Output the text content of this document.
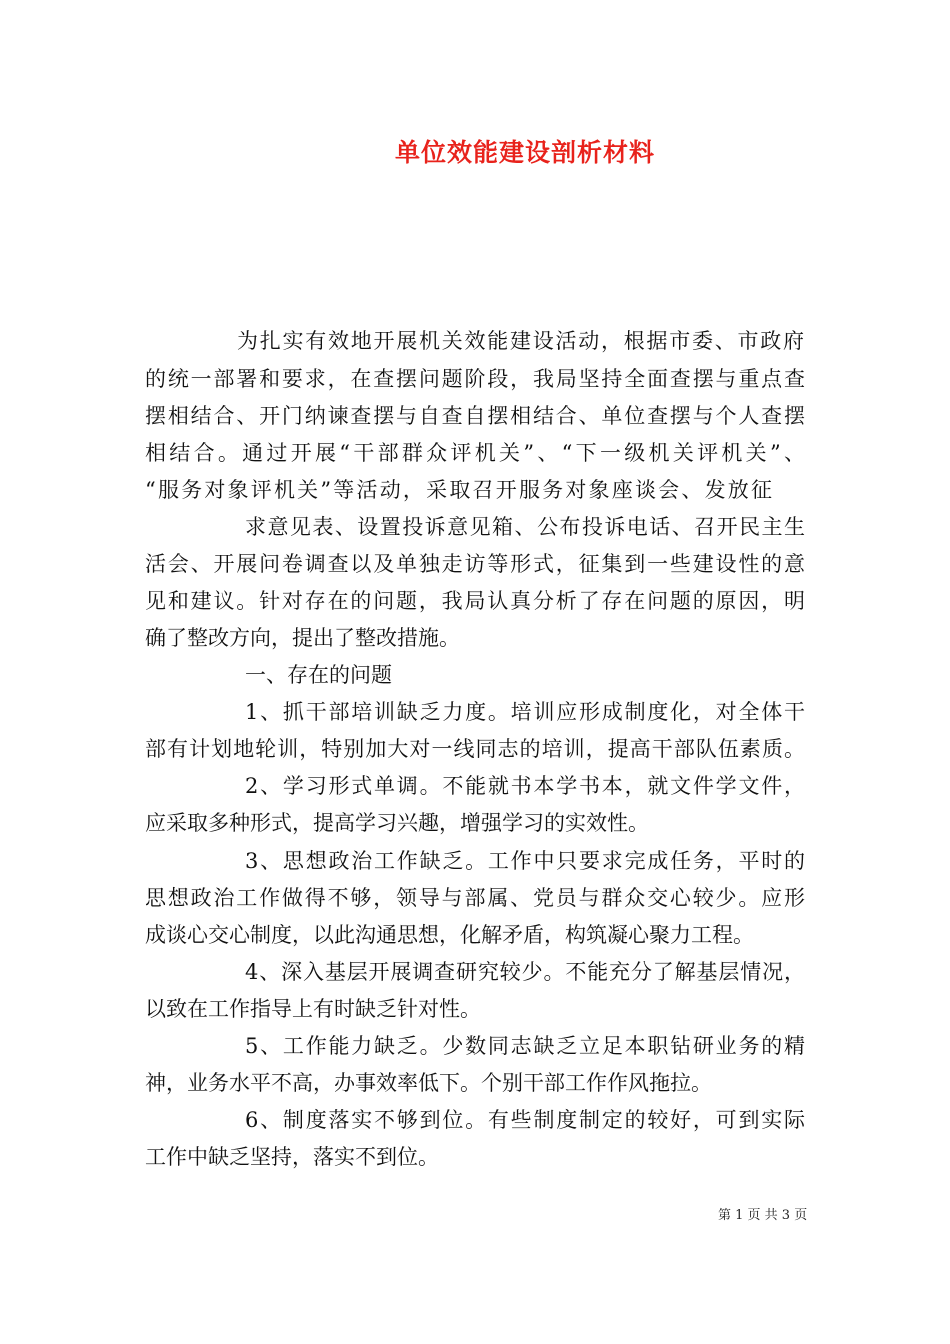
单位效能建设剖析材料
为扎实有效地开展机关效能建设活动，根据市委、市政府
的统一部署和要求，在查摆问题阶段，我局坚持全面查摆与重点查
摆相结合、开门纳谏查摆与自查自摆相结合、单位查摆与个人查摆
相结合。通过开展“干部群众评机关”、“下一级机关评机关”、
“服务对象评机关”等活动，采取召开服务对象座谈会、发放征
求意见表、设置投诉意见箱、公布投诉电话、召开民主生
活会、开展问卷调查以及单独走访等形式，征集到一些建设性的意
见和建议。针对存在的问题，我局认真分析了存在问题的原因，明
确了整改方向，提出了整改措施。
一、存在的问题
1、抓干部培训缺乏力度。培训应形成制度化，对全体干
部有计划地轮训，特别加大对一线同志的培训，提高干部队伍素质。
2、学习形式单调。不能就书本学书本，就文件学文件，
应采取多种形式，提高学习兴趣，增强学习的实效性。
3、思想政治工作缺乏。工作中只要求完成任务，平时的
思想政治工作做得不够，领导与部属、党员与群众交心较少。应形
成谈心交心制度，以此沟通思想，化解矛盾，构筑凝心聚力工程。
4、深入基层开展调查研究较少。不能充分了解基层情况，
以致在工作指导上有时缺乏针对性。
5、工作能力缺乏。少数同志缺乏立足本职钻研业务的精
神，业务水平不高，办事效率低下。个别干部工作作风拖拉。
6、制度落实不够到位。有些制度制定的较好，可到实际
工作中缺乏坚持，落实不到位。
第 1 页 共 3 页
